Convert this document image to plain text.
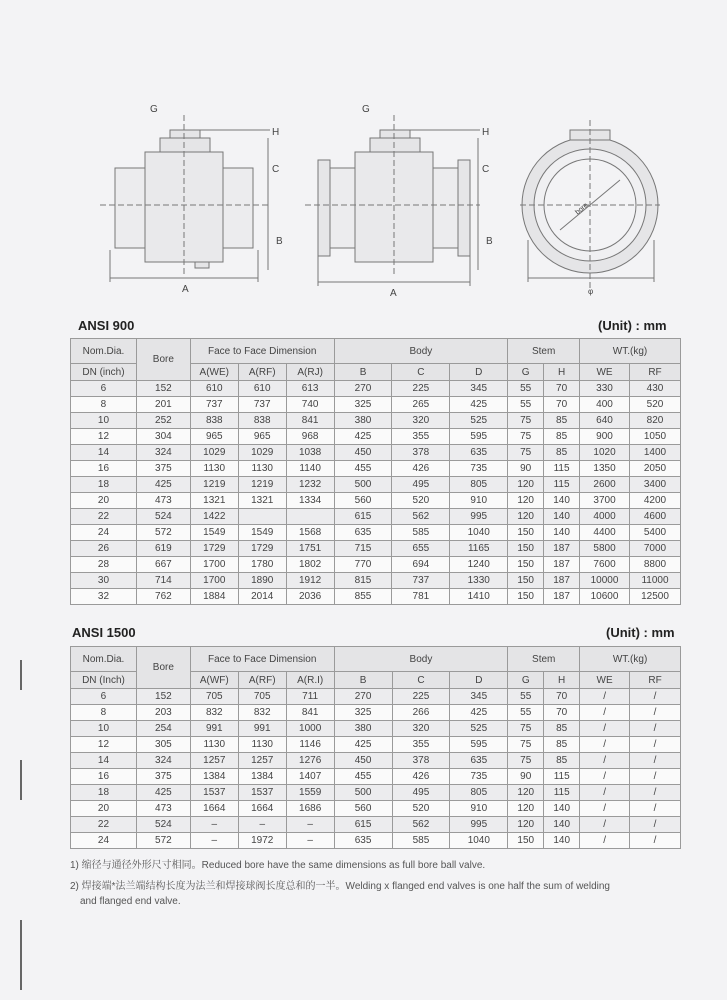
G
H
C
B
A
G
H
C
B
A
bore
φ
ANSI 900	(Unit) : mm
Nom.Dia.	Bore	Face to Face Dimension			Body			Stem		WT.(kg)	
DN (inch)		A(WE)	A(RF)	A(RJ)	B	C	D	G	H	WE	RF
6	152	610	610	613	270	225	345	55	70	330	430
8	201	737	737	740	325	265	425	55	70	400	520
10	252	838	838	841	380	320	525	75	85	640	820
12	304	965	965	968	425	355	595	75	85	900	1050
14	324	1029	1029	1038	450	378	635	75	85	1020	1400
16	375	1130	1130	1140	455	426	735	90	115	1350	2050
18	425	1219	1219	1232	500	495	805	120	115	2600	3400
20	473	1321	1321	1334	560	520	910	120	140	3700	4200
22	524	1422			615	562	995	120	140	4000	4600
24	572	1549	1549	1568	635	585	1040	150	140	4400	5400
26	619	1729	1729	1751	715	655	1165	150	187	5800	7000
28	667	1700	1780	1802	770	694	1240	150	187	7600	8800
30	714	1700	1890	1912	815	737	1330	150	187	10000	11000
32	762	1884	2014	2036	855	781	1410	150	187	10600	12500
ANSI 1500	(Unit) : mm
Nom.Dia.	Bore	Face to Face Dimension			Body			Stem		WT.(kg)	
DN (Inch)		A(WF)	A(RF)	A(R.I)	B	C	D	G	H	WE	RF
6	152	705	705	711	270	225	345	55	70	/	/
8	203	832	832	841	325	266	425	55	70	/	/
10	254	991	991	1000	380	320	525	75	85	/	/
12	305	1130	1130	1146	425	355	595	75	85	/	/
14	324	1257	1257	1276	450	378	635	75	85	/	/
16	375	1384	1384	1407	455	426	735	90	115	/	/
18	425	1537	1537	1559	500	495	805	120	115	/	/
20	473	1664	1664	1686	560	520	910	120	140	/	/
22	524	–	–	–	615	562	995	120	140	/	/
24	572	–	1972	–	635	585	1040	150	140	/	/
1) 缩径与通径外形尺寸相同。Reduced bore have the same dimensions as full bore ball valve.
2) 焊接端*法兰端结构长度为法兰和焊接球阀长度总和的一半。Welding x flanged end valves is one half the sum of welding
and flanged end valve.
